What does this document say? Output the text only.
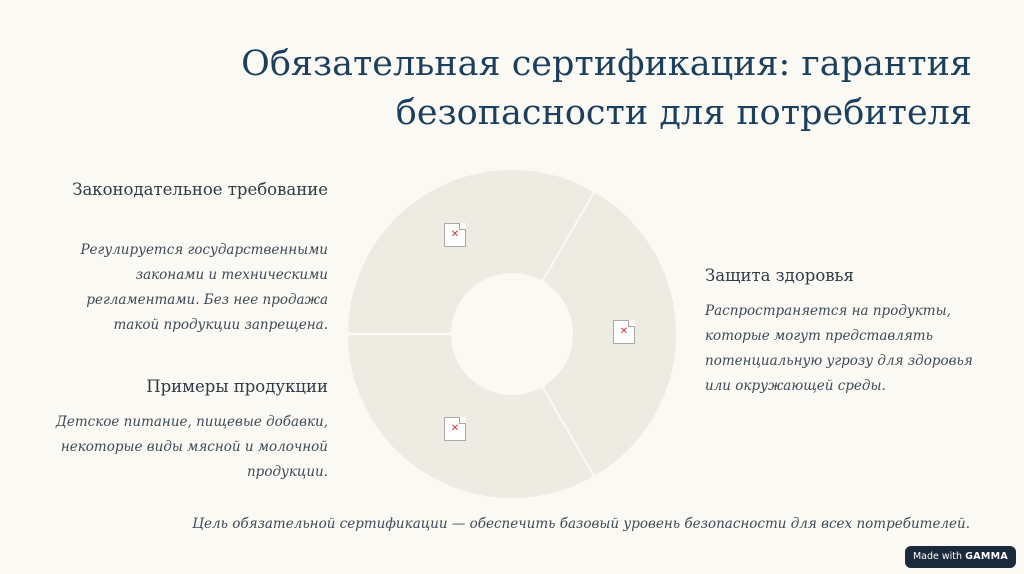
Обязательная сертификация: гарантия безопасности для потребителя

Законодательное требование

Регулируется государственными законами и техническими регламентами. Без нее продажа такой продукции запрещена.

Примеры продукции

Детское питание, пищевые добавки, некоторые виды мясной и молочной продукции.

✕
✕
✕

Защита здоровья

Распространяется на продукты, которые могут представлять потенциальную угрозу для здоровья или окружающей среды.

Цель обязательной сертификации — обеспечить базовый уровень безопасности для всех потребителей.

Made with GAMMA
